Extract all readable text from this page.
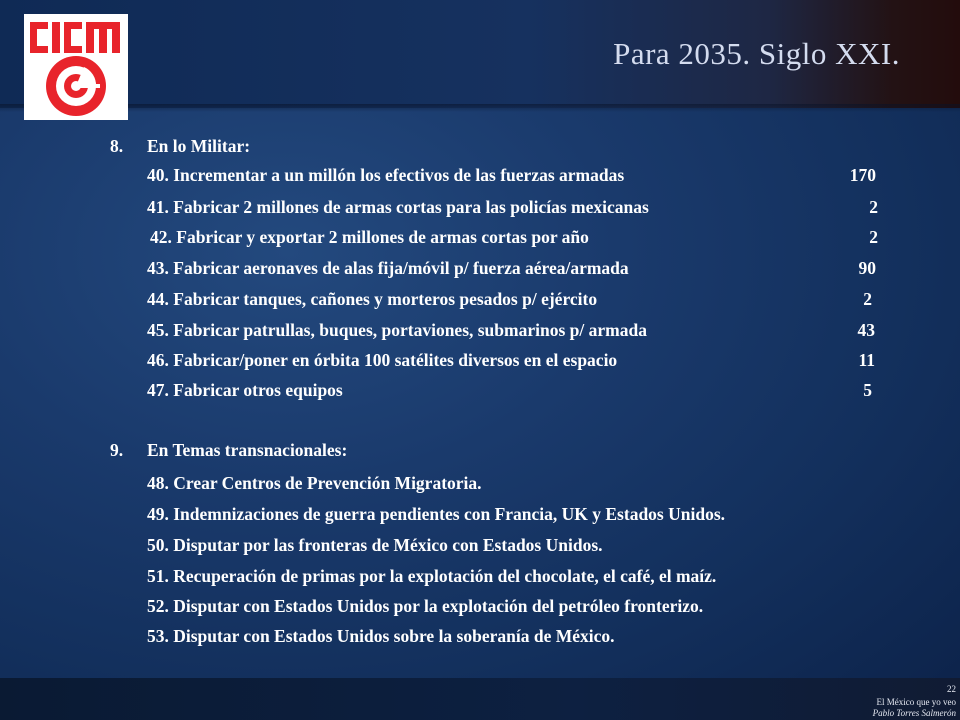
Para 2035. Siglo XXI.
8. En lo Militar:
40. Incrementar a un millón los efectivos de las fuerzas armadas	170
41. Fabricar 2 millones de armas cortas para las policías mexicanas	2
42. Fabricar y exportar 2 millones de armas cortas por año	2
43. Fabricar aeronaves de alas fija/móvil p/ fuerza aérea/armada	90
44. Fabricar tanques, cañones y morteros pesados p/ ejército	2
45. Fabricar patrullas, buques, portaviones, submarinos p/ armada	43
46. Fabricar/poner en órbita 100 satélites diversos en el espacio	11
47. Fabricar otros equipos	5
9. En Temas transnacionales:
48. Crear Centros de Prevención Migratoria.
49. Indemnizaciones de guerra pendientes con Francia, UK y Estados Unidos.
50. Disputar por las fronteras de México con Estados Unidos.
51. Recuperación de primas por la explotación del chocolate, el café, el maíz.
52. Disputar con Estados Unidos por la explotación del petróleo fronterizo.
53. Disputar con Estados Unidos sobre la soberanía de México.
22
El México que yo veo
Pablo Torres Salmerón
